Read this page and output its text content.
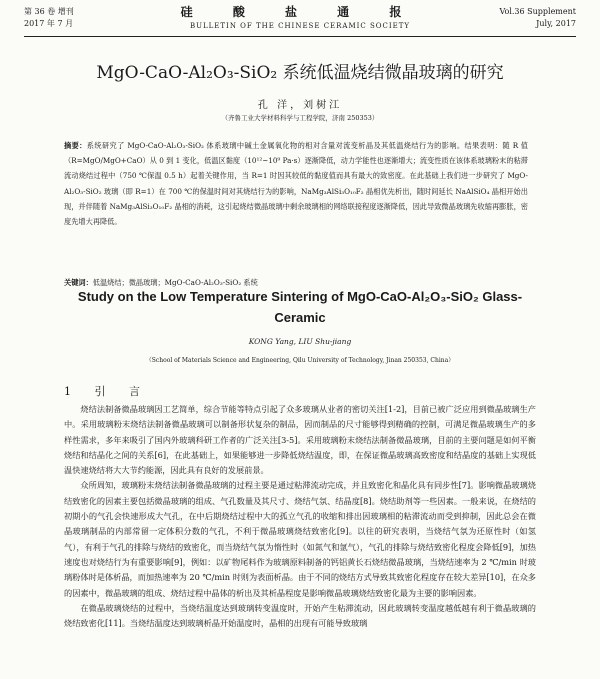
第 36 卷 增刊
2017 年 7 月
硅 酸 盐 通 报
BULLETIN OF THE CHINESE CERAMIC SOCIETY
Vol.36 Supplement
July, 2017
MgO-CaO-Al₂O₃-SiO₂ 系统低温烧结微晶玻璃的研究
孔 洋，刘树江
（齐鲁工业大学材料科学与工程学院，济南 250353）
摘要：系统研究了 MgO-CaO-Al₂O₃-SiO₂ 体系玻璃中碱土金属氧化物的相对含量对流变析晶及其低温烧结行为的影响。结果表明：随 R 值（R=MgO/MgO+CaO）从 0 到 1 变化，低温区黏度（10¹²~10⁹ Pa·s）逐渐降低，动力学能性也逐渐增大；流变性质在该体系玻璃粉末的粘滞流动烧结过程中（750 ℃保温 0.5 h）起着关键作用，当 R=1 时因其较低的黏度值而具有最大的致密度。在此基础上我们进一步研究了 MgO-Al₂O₃-SiO₂ 玻璃（即 R=1）在 700 ℃的保温时间对其烧结行为的影响，NaMg₃AlSi₃O₁₀F₂ 晶相优先析出，随时间延长 NaAlSiO₄ 晶相开始出现，并伴随着 NaMg₃AlSi₃O₁₀F₂ 晶相的消耗，这引起烧结微晶玻璃中剩余玻璃相的网络联接程度逐渐降低，因此导致微晶玻璃先收缩再膨胀，密度先增大再降低。
关键词：低温烧结；微晶玻璃；MgO-CaO-Al₂O₃-SiO₂ 系统
Study on the Low Temperature Sintering of MgO-CaO-Al₂O₃-SiO₂ Glass-Ceramic
KONG Yang, LIU Shu-jiang
（School of Materials Science and Engineering, Qilu University of Technology, Jinan 250353, China）
1 引 言

烧结法制备微晶玻璃因工艺简单，综合节能等特点引起了众多玻璃从业者的密切关注[1-2]，目前已被广泛应用到微晶玻璃生产中。采用玻璃粉末烧结法制备微晶玻璃可以制备形状复杂的制品，因而制品的尺寸能够得到精确的控制，可满足微晶玻璃生产的多样性需求，多年来吸引了国内外玻璃科研工作者的广泛关注[3-5]。采用玻璃粉末烧结法制备微晶玻璃，目前的主要问题是如何平衡烧结和结晶化之间的关系[6]，在此基础上，如果能够进一步降低烧结温度，即，在保证微晶玻璃高致密度和结晶度的基础上实现低温快速烧结将大大节约能源，因此具有良好的发展前景。

众所周知，玻璃粉末烧结法制备微晶玻璃的过程主要是通过粘滞流动完成，并且致密化和晶化具有同步性[7]。影响微晶玻璃烧结致密化的因素主要包括微晶玻璃的组成、气孔数量及其尺寸、烧结气氛、结晶度[8]。烧结助剂等一些因素。一般来说，在烧结的初期小的气孔会快速形成大气孔，在中后期烧结过程中大的孤立气孔的收缩和排出因玻璃相的粘滞流动而受到抑制，因此总会在微晶玻璃制品的内部常留一定体积分数的气孔，不利于微晶玻璃烧结致密化[9]。以往的研究表明，当烧结气氛为还原性时（如氢气），有利于气孔的排除与烧结的致密化，而当烧结气氛为惰性时（如氮气和氩气），气孔的排除与烧结致密化程度会降低[9]，加热速度也对烧结行为有重要影响[9]，例如：以矿物尾料作为玻璃原料制备的钙铝黄长石烧结微晶玻璃，当烧结速率为 2 ℃/min 时玻璃粉体时是体析晶，而加热速率为 20 ℃/min 时则为表面析晶。由于不同的烧结方式导致其致密化程度存在较大差异[10]，在众多的因素中，微晶玻璃的组成、烧结过程中晶体的析出及其析晶程度是影响微晶玻璃烧结致密化最为主要的影响因素。

在微晶玻璃烧结的过程中，当烧结温度达到玻璃转变温度时，开始产生粘滞流动，因此玻璃转变温度越低越有利于微晶玻璃的烧结致密化[11]。当烧结温度达到玻璃析晶开始温度时，晶相的出现有可能导致玻璃
